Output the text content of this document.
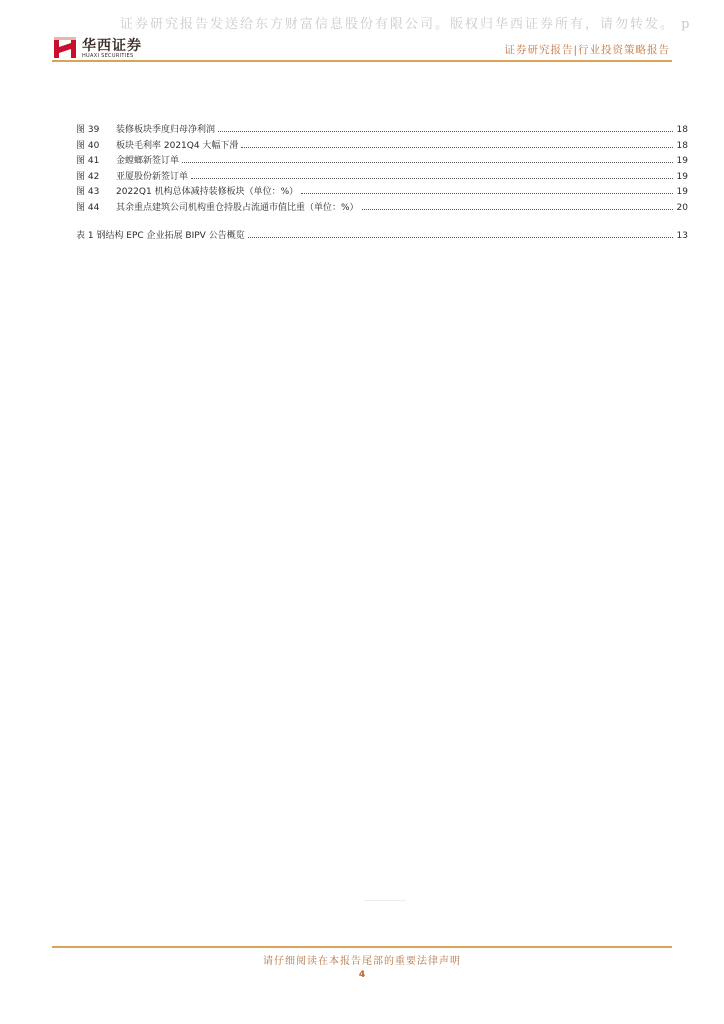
证券研究报告发送给东方财富信息股份有限公司。版权归华西证券所有，请勿转发。 p
华西证券
HUAXI SECURITIES	证券研究报告|行业投资策略报告
图 39	装修板块季度归母净利润	18
图 40	板块毛利率 2021Q4 大幅下滑	18
图 41	金螳螂新签订单	19
图 42	亚厦股份新签订单	19
图 43	2022Q1 机构总体减持装修板块（单位：%）	19
图 44	其余重点建筑公司机构重仓持股占流通市值比重（单位：%）	20
表 1 钢结构 EPC 企业拓展 BIPV 公告概览	13
请仔细阅读在本报告尾部的重要法律声明
4
